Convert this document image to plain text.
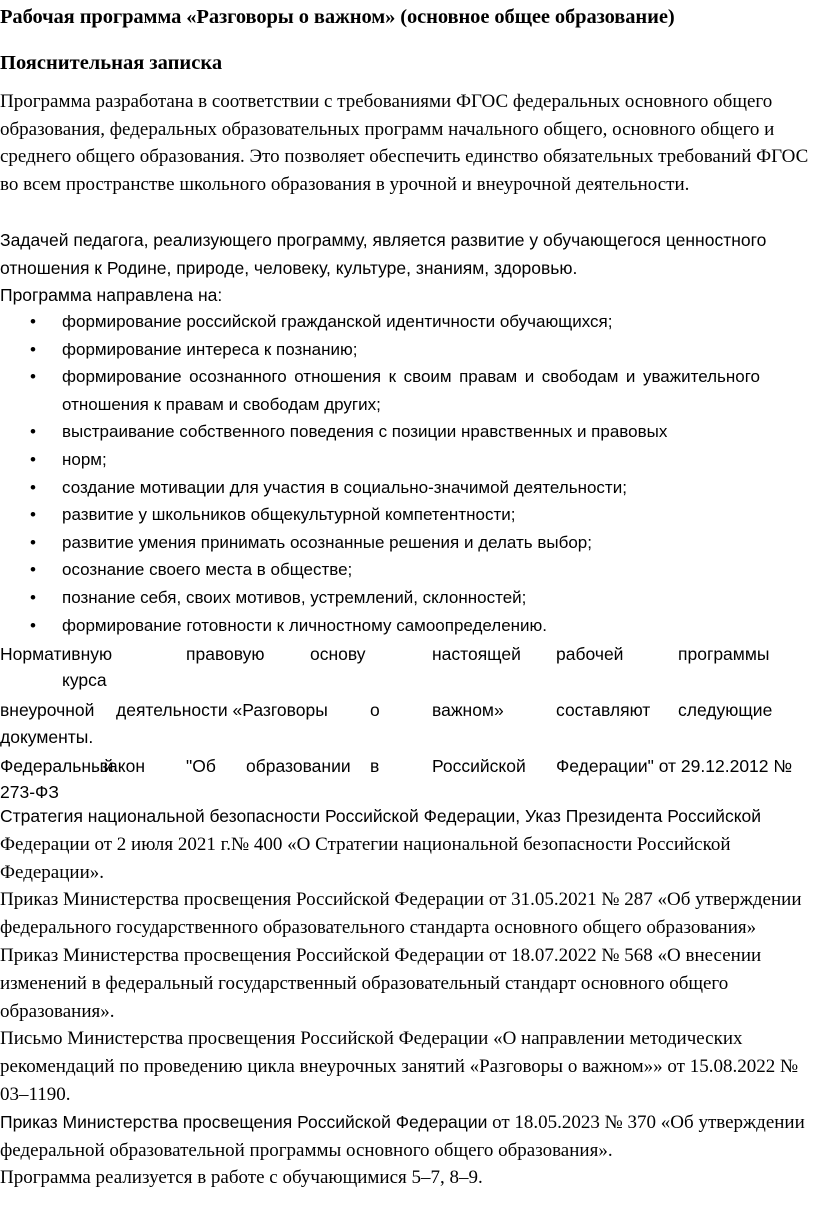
Рабочая программа «Разговоры о важном» (основное общее образование)
Пояснительная записка

Программа разработана в соответствии с требованиями ФГОС федеральных основного общего образования, федеральных образовательных программ начального общего, основного общего и среднего общего образования. Это позволяет обеспечить единство обязательных требований ФГОС во всем пространстве школьного образования в урочной и внеурочной деятельности.

Задачей педагога, реализующего программу, является развитие у обучающегося ценностного отношения к Родине, природе, человеку, культуре, знаниям, здоровью.

Программа направлена на:

• формирование российской гражданской идентичности обучающихся;
• формирование интереса к познанию;
• формирование осознанного отношения к своим правам и свободам и уважительного отношения к правам и свободам других;
• выстраивание собственного поведения с позиции нравственных и правовых
• норм;
• создание мотивации для участия в социально-значимой деятельности;
• развитие у школьников общекультурной компетентности;
• развитие умения принимать осознанные решения и делать выбор;
• осознание своего места в обществе;
• познание себя, своих мотивов, устремлений, склонностей;
• формирование готовности к личностному самоопределению.
Нормативную	правовую	основу	настоящей рабочей	программы
курса
внеурочной деятельности «Разговоры о	важном»	составляют следующие
документы.
Федеральный
закон "Об образовании в	Российской Федерации" от 29.12.2012 №
273-ФЗ

Стратегия национальной безопасности Российской Федерации, Указ Президента Российской Федерации от 2 июля 2021 г.№ 400 «О Стратегии национальной безопасности Российской Федерации».

Приказ Министерства просвещения Российской Федерации от 31.05.2021 № 287 «Об утверждении федерального государственного образовательного стандарта основного общего образования»

Приказ Министерства просвещения Российской Федерации от 18.07.2022 № 568 «О внесении изменений в федеральный государственный образовательный стандарт основного общего образования».

Письмо Министерства просвещения Российской Федерации «О направлении методических рекомендаций по проведению цикла внеурочных занятий «Разговоры о важном»» от 15.08.2022 № 03–1190.

Приказ Министерства просвещения Российской Федерации от 18.05.2023 № 370 «Об утверждении федеральной образовательной программы основного общего образования».

Программа реализуется в работе с обучающимися 5–7, 8–9.
